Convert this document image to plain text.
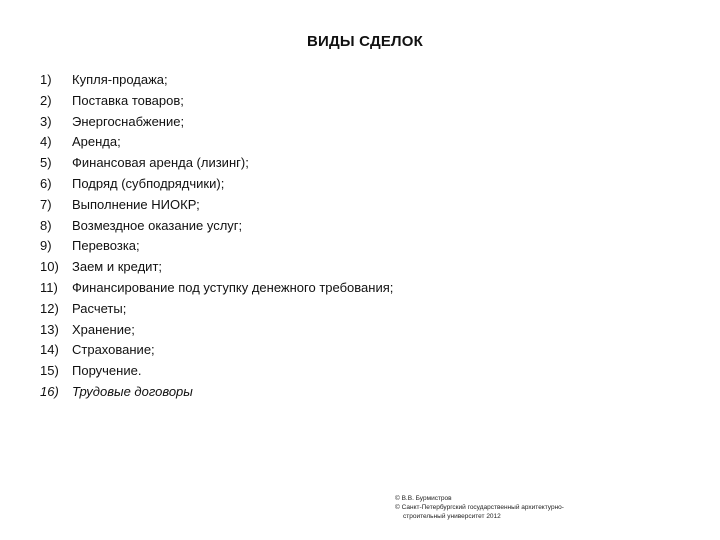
ВИДЫ СДЕЛОК
1)	Купля-продажа;
2)	Поставка товаров;
3)	Энергоснабжение;
4)	Аренда;
5)	Финансовая аренда (лизинг);
6)	Подряд (субподрядчики);
7)	Выполнение НИОКР;
8)	Возмездное оказание услуг;
9)	Перевозка;
10)	Заем и кредит;
11)	Финансирование под уступку денежного требования;
12)	Расчеты;
13)	Хранение;
14)	Страхование;
15)	Поручение.
16)	Трудовые договоры
© В.В. Бурмистров
© Санкт-Петербургский государственный архитектурно-
строительный университет 2012
